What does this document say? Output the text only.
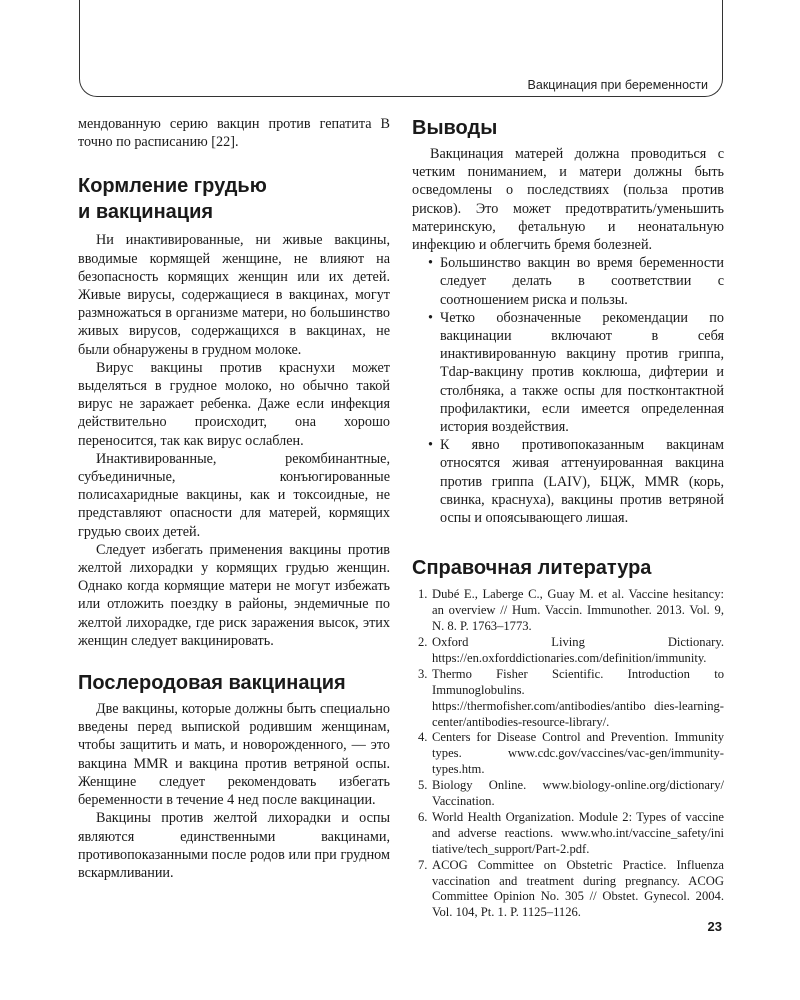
Вакцинация при беременности

мендованную серию вакцин против гепатита В точно по расписанию [22].

Кормление грудью
и вакцинация

Ни инактивированные, ни живые вакцины, вводимые кормящей женщине, не влияют на безопасность кормящих женщин или их детей. Живые вирусы, содержащиеся в вакцинах, могут размножаться в организме матери, но большинство живых вирусов, содержащихся в вакцинах, не были обнаружены в грудном молоке.

Вирус вакцины против краснухи может выделяться в грудное молоко, но обычно такой вирус не заражает ребенка. Даже если инфекция действительно происходит, она хорошо переносится, так как вирус ослаблен.

Инактивированные, рекомбинантные, субъединичные, конъюгированные полисахаридные вакцины, как и токсоидные, не представляют опасности для матерей, кормящих грудью своих детей.

Следует избегать применения вакцины против желтой лихорадки у кормящих грудью женщин. Однако когда кормящие матери не могут избежать или отложить поездку в районы, эндемичные по желтой лихорадке, где риск заражения высок, этих женщин следует вакцинировать.

Послеродовая вакцинация

Две вакцины, которые должны быть специально введены перед выпиской родившим женщинам, чтобы защитить и мать, и новорожденного, — это вакцина MMR и вакцина против ветряной оспы. Женщине следует рекомендовать избегать беременности в течение 4 нед после вакцинации.

Вакцины против желтой лихорадки и оспы являются единственными вакцинами, противопоказанными после родов или при грудном вскармливании.

Выводы

Вакцинация матерей должна проводиться с четким пониманием, и матери должны быть осведомлены о последствиях (польза против рисков). Это может предотвратить/уменьшить материнскую, фетальную и неонатальную инфекцию и облегчить бремя болезней.

• Большинство вакцин во время беременности следует делать в соответствии с соотношением риска и пользы.
• Четко обозначенные рекомендации по вакцинации включают в себя инактивированную вакцину против гриппа, Tdap-вакцину против коклюша, дифтерии и столбняка, а также оспы для постконтактной профилактики, если имеется определенная история воздействия.
• К явно противопоказанным вакцинам относятся живая аттенуированная вакцина против гриппа (LAIV), БЦЖ, MMR (корь, свинка, краснуха), вакцины против ветряной оспы и опоясывающего лишая.
Справочная литература
1. Dubé E., Laberge C., Guay M. et al. Vaccine hesitancy: an overview // Hum. Vaccin. Immunother. 2013. Vol. 9, N. 8. P. 1763–1773.
2. Oxford Living Dictionary. https://en.oxforddictionaries.com/definition/immunity.
3. Thermo Fisher Scientific. Introduction to Immunoglobulins. https://thermofisher.com/antibodies/antibo dies-learning-center/antibodies-resource-library/.
4. Centers for Disease Control and Prevention. Immunity types. www.cdc.gov/vaccines/vac-gen/immunity-types.htm.
5. Biology Online. www.biology-online.org/dictionary/ Vaccination.
6. World Health Organization. Module 2: Types of vaccine and adverse reactions. www.who.int/vaccine_safety/ini tiative/tech_support/Part-2.pdf.
7. ACOG Committee on Obstetric Practice. Influenza vaccination and treatment during pregnancy. ACOG Committee Opinion No. 305 // Obstet. Gynecol. 2004. Vol. 104, Pt. 1. P. 1125–1126.
23
